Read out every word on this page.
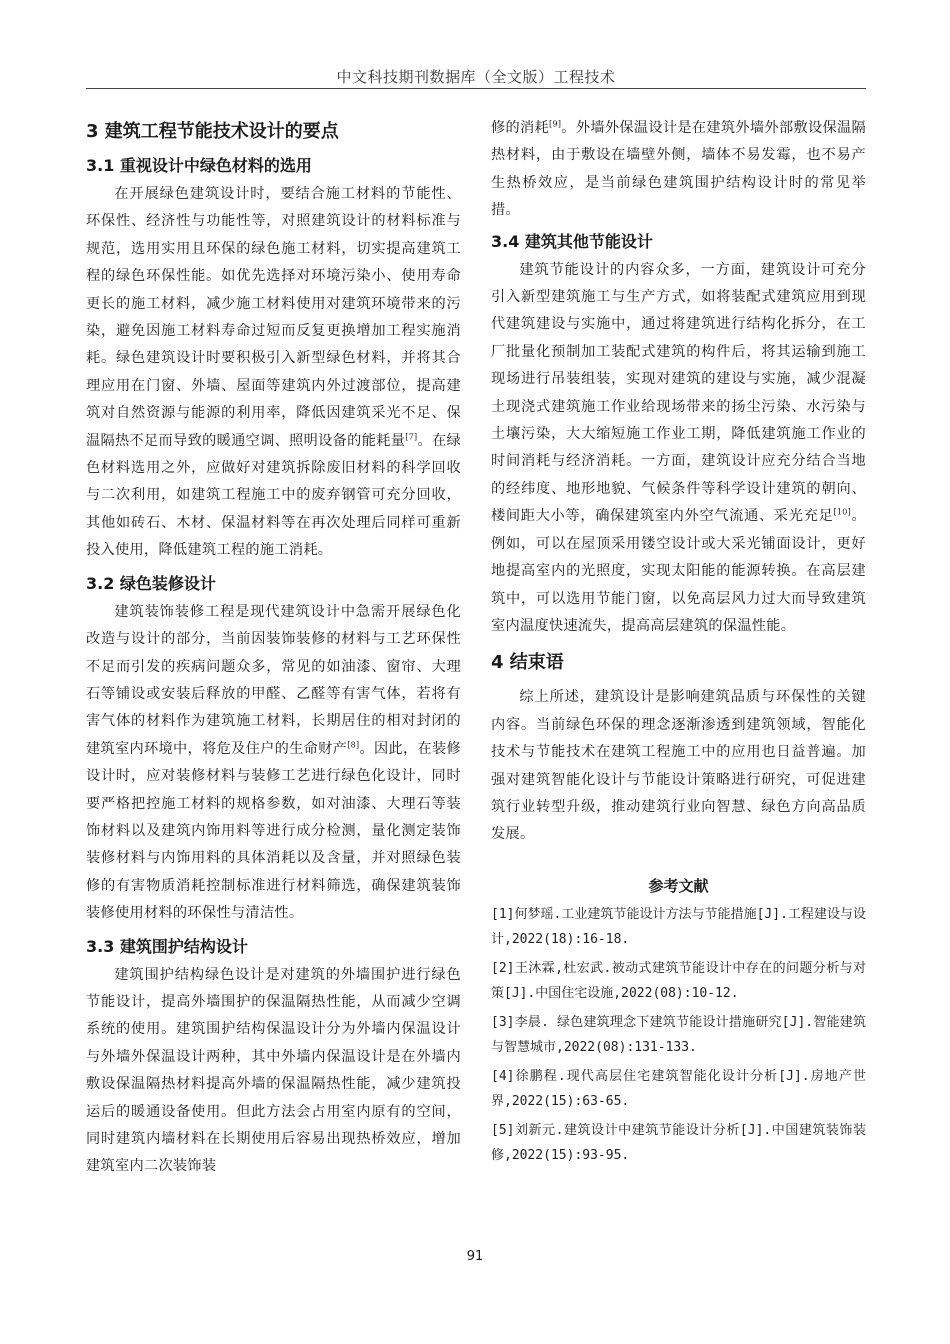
中文科技期刊数据库（全文版）工程技术
3 建筑工程节能技术设计的要点
3.1 重视设计中绿色材料的选用

在开展绿色建筑设计时，要结合施工材料的节能性、环保性、经济性与功能性等，对照建筑设计的材料标准与规范，选用实用且环保的绿色施工材料，切实提高建筑工程的绿色环保性能。如优先选择对环境污染小、使用寿命更长的施工材料，减少施工材料使用对建筑环境带来的污染，避免因施工材料寿命过短而反复更换增加工程实施消耗。绿色建筑设计时要积极引入新型绿色材料，并将其合理应用在门窗、外墙、屋面等建筑内外过渡部位，提高建筑对自然资源与能源的利用率，降低因建筑采光不足、保温隔热不足而导致的暖通空调、照明设备的能耗量[7]。在绿色材料选用之外，应做好对建筑拆除废旧材料的科学回收与二次利用，如建筑工程施工中的废弃钢管可充分回收，其他如砖石、木材、保温材料等在再次处理后同样可重新投入使用，降低建筑工程的施工消耗。

3.2 绿色装修设计

建筑装饰装修工程是现代建筑设计中急需开展绿色化改造与设计的部分，当前因装饰装修的材料与工艺环保性不足而引发的疾病问题众多，常见的如油漆、窗帘、大理石等铺设或安装后释放的甲醛、乙醛等有害气体，若将有害气体的材料作为建筑施工材料，长期居住的相对封闭的建筑室内环境中，将危及住户的生命财产[8]。因此，在装修设计时，应对装修材料与装修工艺进行绿色化设计，同时要严格把控施工材料的规格参数，如对油漆、大理石等装饰材料以及建筑内饰用料等进行成分检测，量化测定装饰装修材料与内饰用料的具体消耗以及含量，并对照绿色装修的有害物质消耗控制标准进行材料筛选，确保建筑装饰装修使用材料的环保性与清洁性。

3.3 建筑围护结构设计

建筑围护结构绿色设计是对建筑的外墙围护进行绿色节能设计，提高外墙围护的保温隔热性能，从而减少空调系统的使用。建筑围护结构保温设计分为外墙内保温设计与外墙外保温设计两种，其中外墙内保温设计是在外墙内敷设保温隔热材料提高外墙的保温隔热性能，减少建筑投运后的暖通设备使用。但此方法会占用室内原有的空间，同时建筑内墙材料在长期使用后容易出现热桥效应，增加建筑室内二次装饰装

修的消耗[9]。外墙外保温设计是在建筑外墙外部敷设保温隔热材料，由于敷设在墙壁外侧，墙体不易发霉，也不易产生热桥效应，是当前绿色建筑围护结构设计时的常见举措。

3.4 建筑其他节能设计

建筑节能设计的内容众多，一方面，建筑设计可充分引入新型建筑施工与生产方式，如将装配式建筑应用到现代建筑建设与实施中，通过将建筑进行结构化拆分，在工厂批量化预制加工装配式建筑的构件后，将其运输到施工现场进行吊装组装，实现对建筑的建设与实施，减少混凝土现浇式建筑施工作业给现场带来的扬尘污染、水污染与土壤污染，大大缩短施工作业工期，降低建筑施工作业的时间消耗与经济消耗。一方面，建筑设计应充分结合当地的经纬度、地形地貌、气候条件等科学设计建筑的朝向、楼间距大小等，确保建筑室内外空气流通、采光充足[10]。例如，可以在屋顶采用镂空设计或大采光铺面设计，更好地提高室内的光照度，实现太阳能的能源转换。在高层建筑中，可以选用节能门窗，以免高层风力过大而导致建筑室内温度快速流失，提高高层建筑的保温性能。

4 结束语

综上所述，建筑设计是影响建筑品质与环保性的关键内容。当前绿色环保的理念逐渐渗透到建筑领域，智能化技术与节能技术在建筑工程施工中的应用也日益普遍。加强对建筑智能化设计与节能设计策略进行研究，可促进建筑行业转型升级，推动建筑行业向智慧、绿色方向高品质发展。

参考文献

[1]何梦瑶.工业建筑节能设计方法与节能措施[J].工程建设与设计,2022(18):16-18.

[2]王沐霖,杜宏武.被动式建筑节能设计中存在的问题分析与对策[J].中国住宅设施,2022(08):10-12.

[3]李晨. 绿色建筑理念下建筑节能设计措施研究[J].智能建筑与智慧城市,2022(08):131-133.

[4]徐鹏程.现代高层住宅建筑智能化设计分析[J].房地产世界,2022(15):63-65.

[5]刘新元.建筑设计中建筑节能设计分析[J].中国建筑装饰装修,2022(15):93-95.

91
